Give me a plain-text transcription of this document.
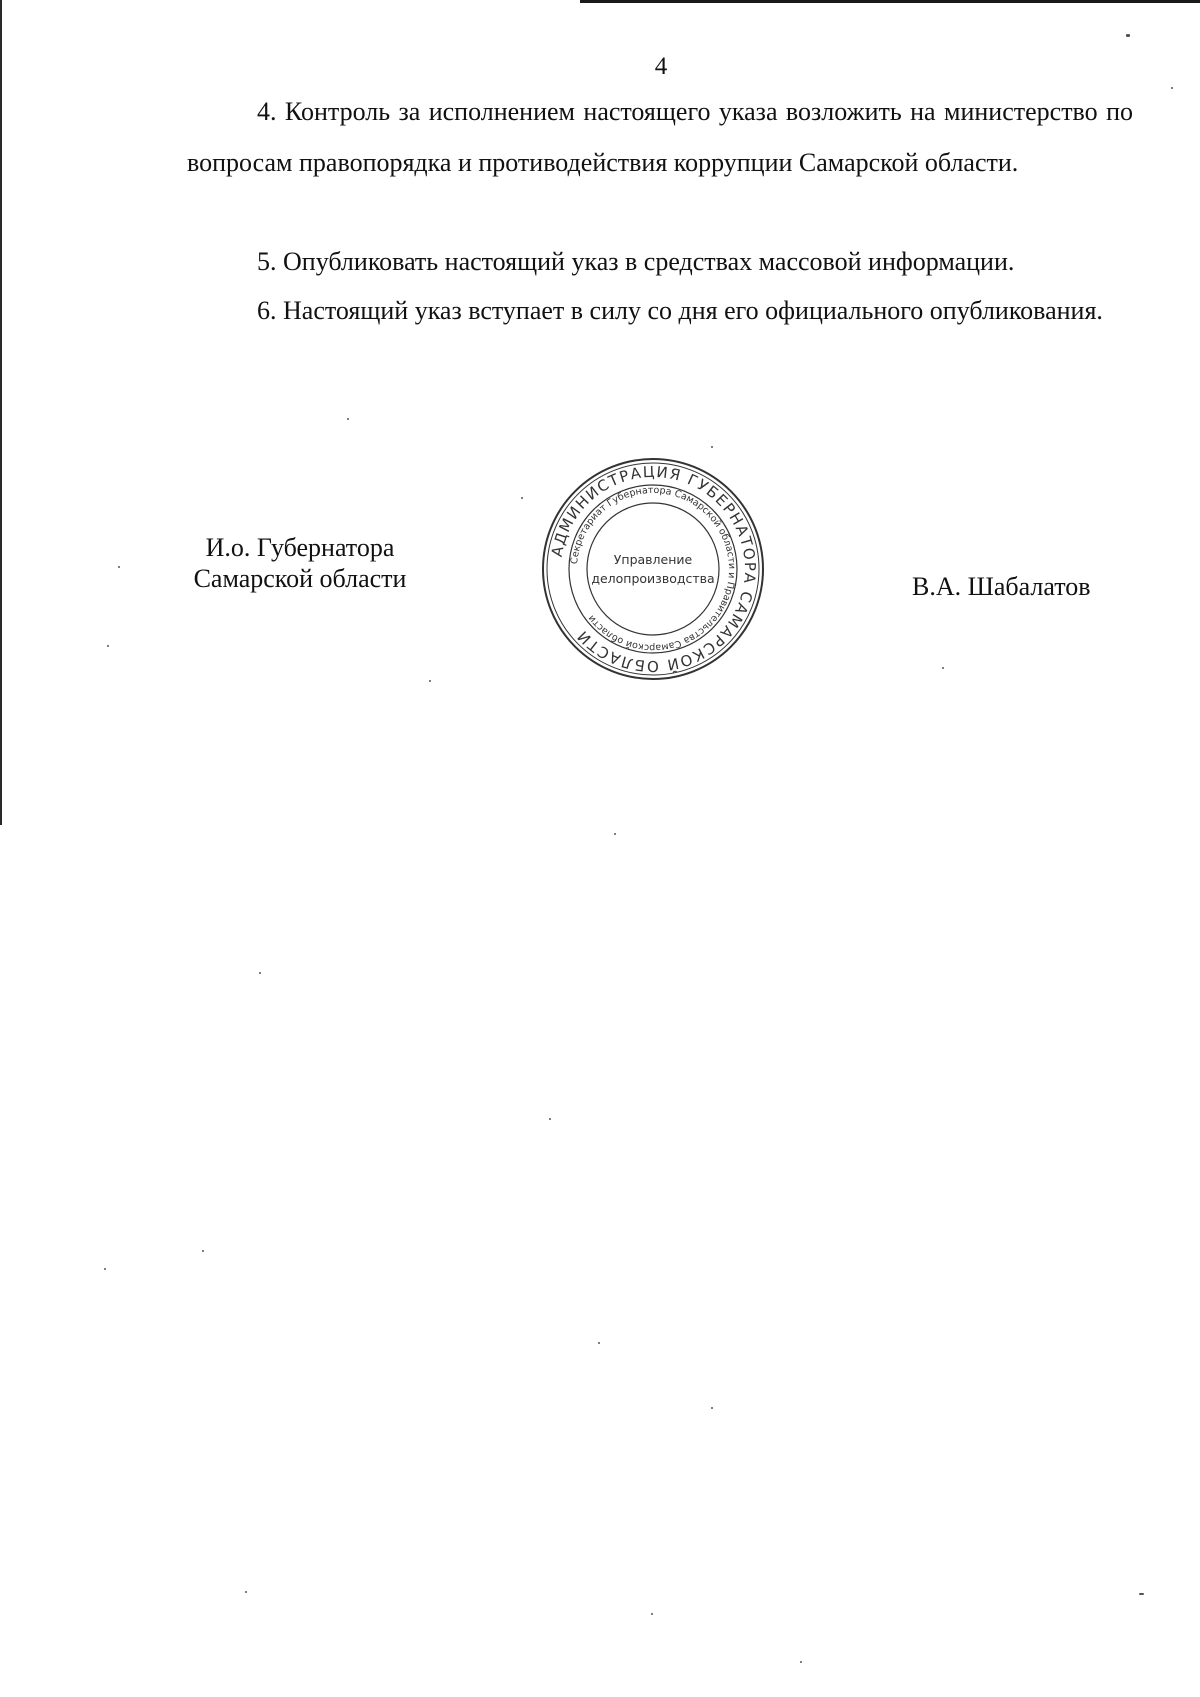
4
4. Контроль за исполнением настоящего указа возложить на министерство по вопросам правопорядка и противодействия коррупции Самарской области.
5. Опубликовать настоящий указ в средствах массовой информации.
6. Настоящий указ вступает в силу со дня его официального опубликования.
И.о. Губернатора
Самарской области
АДМИНИСТРАЦИЯ ГУБЕРНАТОРА САМАРСКОЙ ОБЛАСТИ
Секретариат Губернатора Самарской области и Правительства Самарской области
Управление
делопроизводства	В.А. Шабалатов
